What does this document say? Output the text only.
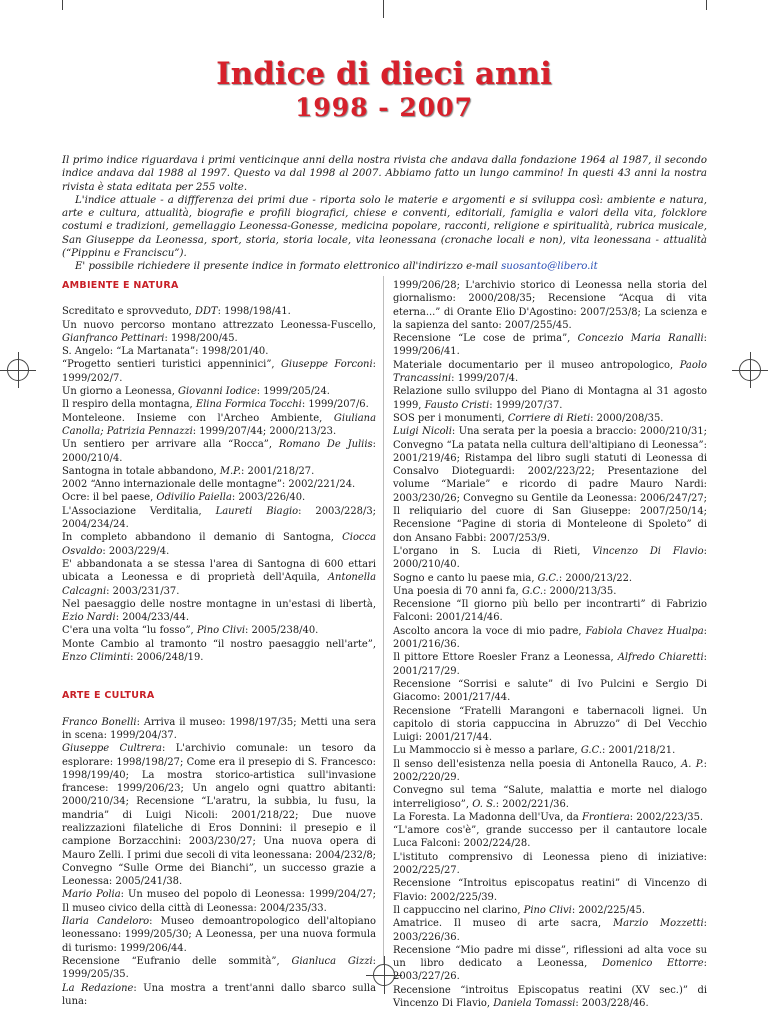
Indice di dieci anni
1998 - 2007

Il primo indice riguardava i primi venticinque anni della nostra rivista che andava dalla fondazione 1964 al 1987, il secondo indice andava dal 1988 al 1997. Questo va dal 1998 al 2007. Abbiamo fatto un lungo cammino! In questi 43 anni la nostra rivista è stata editata per 255 volte.

L'indice attuale - a diffferenza dei primi due - riporta solo le materie e argomenti e si sviluppa così: ambiente e natura, arte e cultura, attualità, biografie e profili biografici, chiese e conventi, editoriali, famiglia e valori della vita, folcklore costumi e tradizioni, gemellaggio Leonessa-Gonesse, medicina popolare, racconti, religione e spiritualità, rubrica musicale, San Giuseppe da Leonessa, sport, storia, storia locale, vita leonessana (cronache locali e non), vita leonessana - attualità (“Pippinu e Franciscu”).

E' possibile richiedere il presente indice in formato elettronico all'indirizzo e-mail suosanto@libero.it

AMBIENTE E NATURA

Screditato e sprovveduto, DDT: 1998/198/41.

Un nuovo percorso montano attrezzato Leonessa-Fuscello, Gianfranco Pettinari: 1998/200/45.

S. Angelo: “La Martanata”: 1998/201/40.

“Progetto sentieri turistici appenninici”, Giuseppe Forconi: 1999/202/7.

Un giorno a Leonessa, Giovanni Iodice: 1999/205/24.

Il respiro della montagna, Elina Formica Tocchi: 1999/207/6.

Monteleone. Insieme con l'Archeo Ambiente, Giuliana Canolla; Patrizia Pennazzi: 1999/207/44; 2000/213/23.

Un sentiero per arrivare alla “Rocca”, Romano De Juliis: 2000/210/4.

Santogna in totale abbandono, M.P.: 2001/218/27.

2002 “Anno internazionale delle montagne”: 2002/221/24.

Ocre: il bel paese, Odivilio Paiella: 2003/226/40.

L'Associazione Verditalia, Laureti Biagio: 2003/228/3; 2004/234/24.

In completo abbandono il demanio di Santogna, Ciocca Osvaldo: 2003/229/4.

E' abbandonata a se stessa l'area di Santogna di 600 ettari ubicata a Leonessa e di proprietà dell'Aquila, Antonella Calcagni: 2003/231/37.

Nel paesaggio delle nostre montagne in un'estasi di libertà, Ezio Nardi: 2004/233/44.

C'era una volta “lu fosso”, Pino Clivi: 2005/238/40.

Monte Cambio al tramonto “il nostro paesaggio nell'arte”, Enzo Climinti: 2006/248/19.

ARTE E CULTURA

Franco Bonelli: Arriva il museo: 1998/197/35; Metti una sera in scena: 1999/204/37.

Giuseppe Cultrera: L'archivio comunale: un tesoro da esplorare: 1998/198/27; Come era il presepio di S. Francesco: 1998/199/40; La mostra storico-artistica sull'invasione francese: 1999/206/23; Un angelo ogni quattro abitanti: 2000/210/34; Recensione “L'aratru, la subbia, lu fusu, la mandria” di Luigi Nicoli: 2001/218/22; Due nuove realizzazioni filateliche di Eros Donnini: il presepio e il campione Borzacchini: 2003/230/27; Una nuova opera di Mauro Zelli. I primi due secoli di vita leonessana: 2004/232/8; Convegno “Sulle Orme dei Bianchi”, un successo grazie a Leonessa: 2005/241/38.

Mario Polia: Un museo del popolo di Leonessa: 1999/204/27; Il museo civico della città di Leonessa: 2004/235/33.

Ilaria Candeloro: Museo demoantropologico dell'altopiano leonessano: 1999/205/30; A Leonessa, per una nuova formula di turismo: 1999/206/44.

Recensione “Eufranio delle sommità”, Gianluca Gizzi: 1999/205/35.

La Redazione: Una mostra a trent'anni dallo sbarco sulla luna:

1999/206/28; L'archivio storico di Leonessa nella storia del giornalismo: 2000/208/35; Recensione “Acqua di vita eterna...” di Orante Elio D'Agostino: 2007/253/8; La scienza e la sapienza del santo: 2007/255/45.

Recensione “Le cose de prima”, Concezio Maria Ranalli: 1999/206/41.

Materiale documentario per il museo antropologico, Paolo Trancassini: 1999/207/4.

Relazione sullo sviluppo del Piano di Montagna al 31 agosto 1999, Fausto Cristi: 1999/207/37.

SOS per i monumenti, Corriere di Rieti: 2000/208/35.

Luigi Nicoli: Una serata per la poesia a braccio: 2000/210/31; Convegno “La patata nella cultura dell'altipiano di Leonessa”: 2001/219/46; Ristampa del libro sugli statuti di Leonessa di Consalvo Dioteguardi: 2002/223/22; Presentazione del volume “Mariale” e ricordo di padre Mauro Nardi: 2003/230/26; Convegno su Gentile da Leonessa: 2006/247/27; Il reliquiario del cuore di San Giuseppe: 2007/250/14; Recensione “Pagine di storia di Monteleone di Spoleto” di don Ansano Fabbi: 2007/253/9.

L'organo in S. Lucia di Rieti, Vincenzo Di Flavio: 2000/210/40.

Sogno e canto lu paese mia, G.C.: 2000/213/22.

Una poesia di 70 anni fa, G.C.: 2000/213/35.

Recensione “Il giorno più bello per incontrarti” di Fabrizio Falconi: 2001/214/46.

Ascolto ancora la voce di mio padre, Fabiola Chavez Hualpa: 2001/216/36.

Il pittore Ettore Roesler Franz a Leonessa, Alfredo Chiaretti: 2001/217/29.

Recensione “Sorrisi e salute” di Ivo Pulcini e Sergio Di Giacomo: 2001/217/44.

Recensione “Fratelli Marangoni e tabernacoli lignei. Un capitolo di storia cappuccina in Abruzzo” di Del Vecchio Luigi: 2001/217/44.

Lu Mammoccio si è messo a parlare, G.C.: 2001/218/21.

Il senso dell'esistenza nella poesia di Antonella Rauco, A. P.: 2002/220/29.

Convegno sul tema “Salute, malattia e morte nel dialogo interreligioso”, O. S.: 2002/221/36.

La Foresta. La Madonna dell'Uva, da Frontiera: 2002/223/35.

“L'amore cos'è”, grande successo per il cantautore locale Luca Falconi: 2002/224/28.

L'istituto comprensivo di Leonessa pieno di iniziative: 2002/225/27.

Recensione “Introitus episcopatus reatini” di Vincenzo di Flavio: 2002/225/39.

Il cappuccino nel clarino, Pino Clivi: 2002/225/45.

Amatrice. Il museo di arte sacra, Marzio Mozzetti: 2003/226/36.

Recensione “Mio padre mi disse”, riflessioni ad alta voce su un libro dedicato a Leonessa, Domenico Ettorre: 2003/227/26.

Recensione “introitus Episcopatus reatini (XV sec.)” di Vincenzo Di Flavio, Daniela Tomassi: 2003/228/46.
